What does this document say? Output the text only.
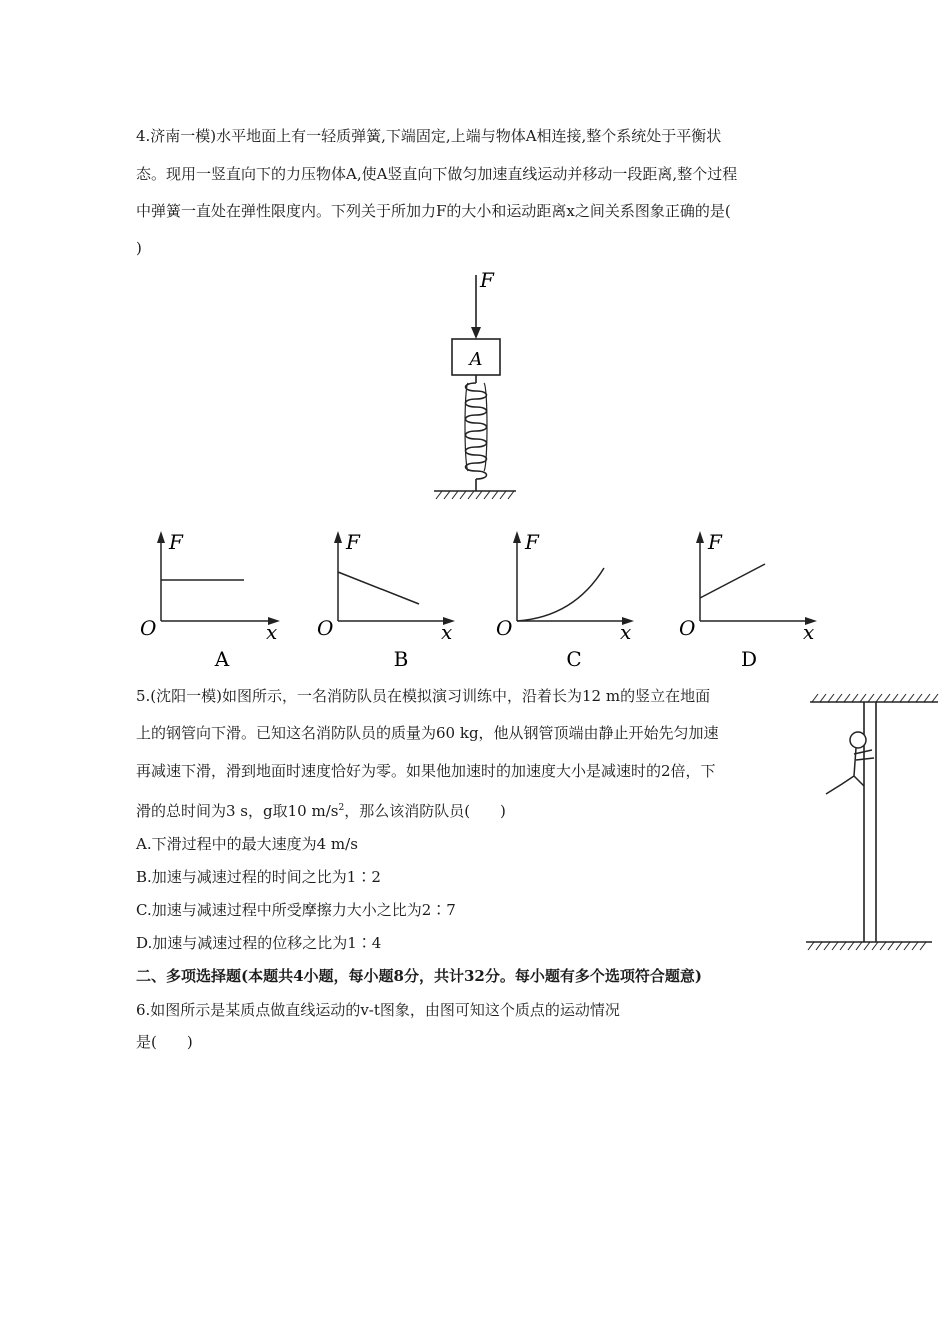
4.济南一模)水平地面上有一轻质弹簧,下端固定,上端与物体A相连接,整个系统处于平衡状
态。现用一竖直向下的力压物体A,使A竖直向下做匀加速直线运动并移动一段距离,整个过程
中弹簧一直处在弹性限度内。下列关于所加力F的大小和运动距离x之间关系图象正确的是(
)
F
A
F
x
O
A
F
x
O
B
F
x
O
C
F
x
O
D
5.(沈阳一模)如图所示，一名消防队员在模拟演习训练中，沿着长为12 m的竖立在地面
上的钢管向下滑。已知这名消防队员的质量为60 kg，他从钢管顶端由静止开始先匀加速
再减速下滑，滑到地面时速度恰好为零。如果他加速时的加速度大小是减速时的2倍，下
滑的总时间为3 s，g取10 $m/s^2$，那么该消防队员(　　)
A.下滑过程中的最大速度为4 m/s
B.加速与减速过程的时间之比为1∶2
C.加速与减速过程中所受摩擦力大小之比为2∶7
D.加速与减速过程的位移之比为1∶4
二、多项选择题(本题共4小题，每小题8分，共计32分。每小题有多个选项符合题意)
6.如图所示是某质点做直线运动的v-t图象，由图可知这个质点的运动情况
是(　　)
